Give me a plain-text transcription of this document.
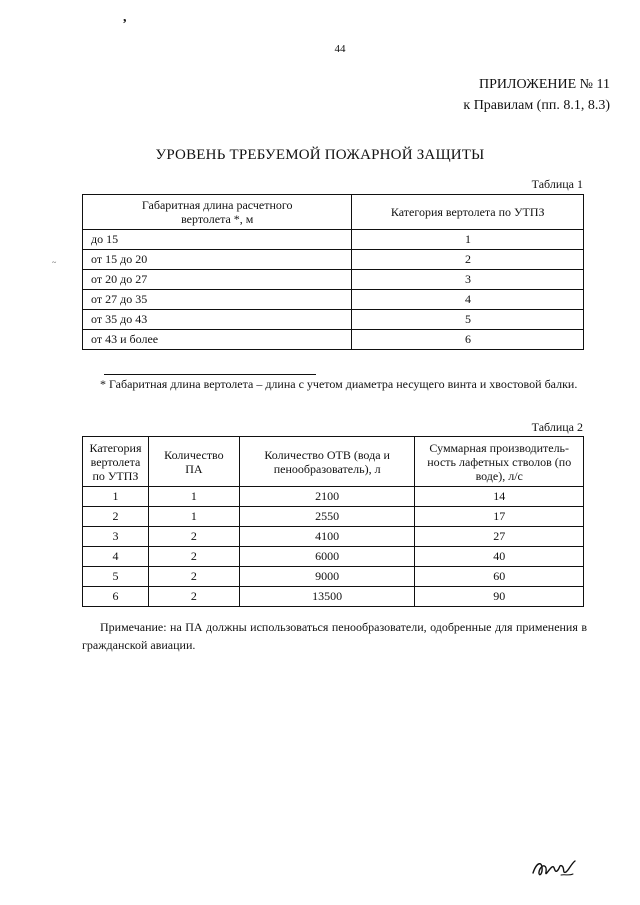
,
~
44
ПРИЛОЖЕНИЕ № 11
к Правилам (пп. 8.1, 8.3)
УРОВЕНЬ ТРЕБУЕМОЙ ПОЖАРНОЙ ЗАЩИТЫ
Таблица 1
Габаритная длина расчетного вертолета *, м	Категория вертолета по УТПЗ
до 15	1
от 15 до 20	2
от 20 до 27	3
от 27 до 35	4
от 35 до 43	5
от 43 и более	6
* Габаритная длина вертолета – длина с учетом диаметра несущего винта и хвостовой балки.
Таблица 2
Категория вертолета по УТПЗ	Количество ПА	Количество ОТВ (вода и пенообразователь), л	Суммарная производитель-ность лафетных стволов (по воде), л/с
1	1	2100	14
2	1	2550	17
3	2	4100	27
4	2	6000	40
5	2	9000	60
6	2	13500	90
Примечание: на ПА должны использоваться пенообразователи, одобренные для применения в гражданской авиации.
